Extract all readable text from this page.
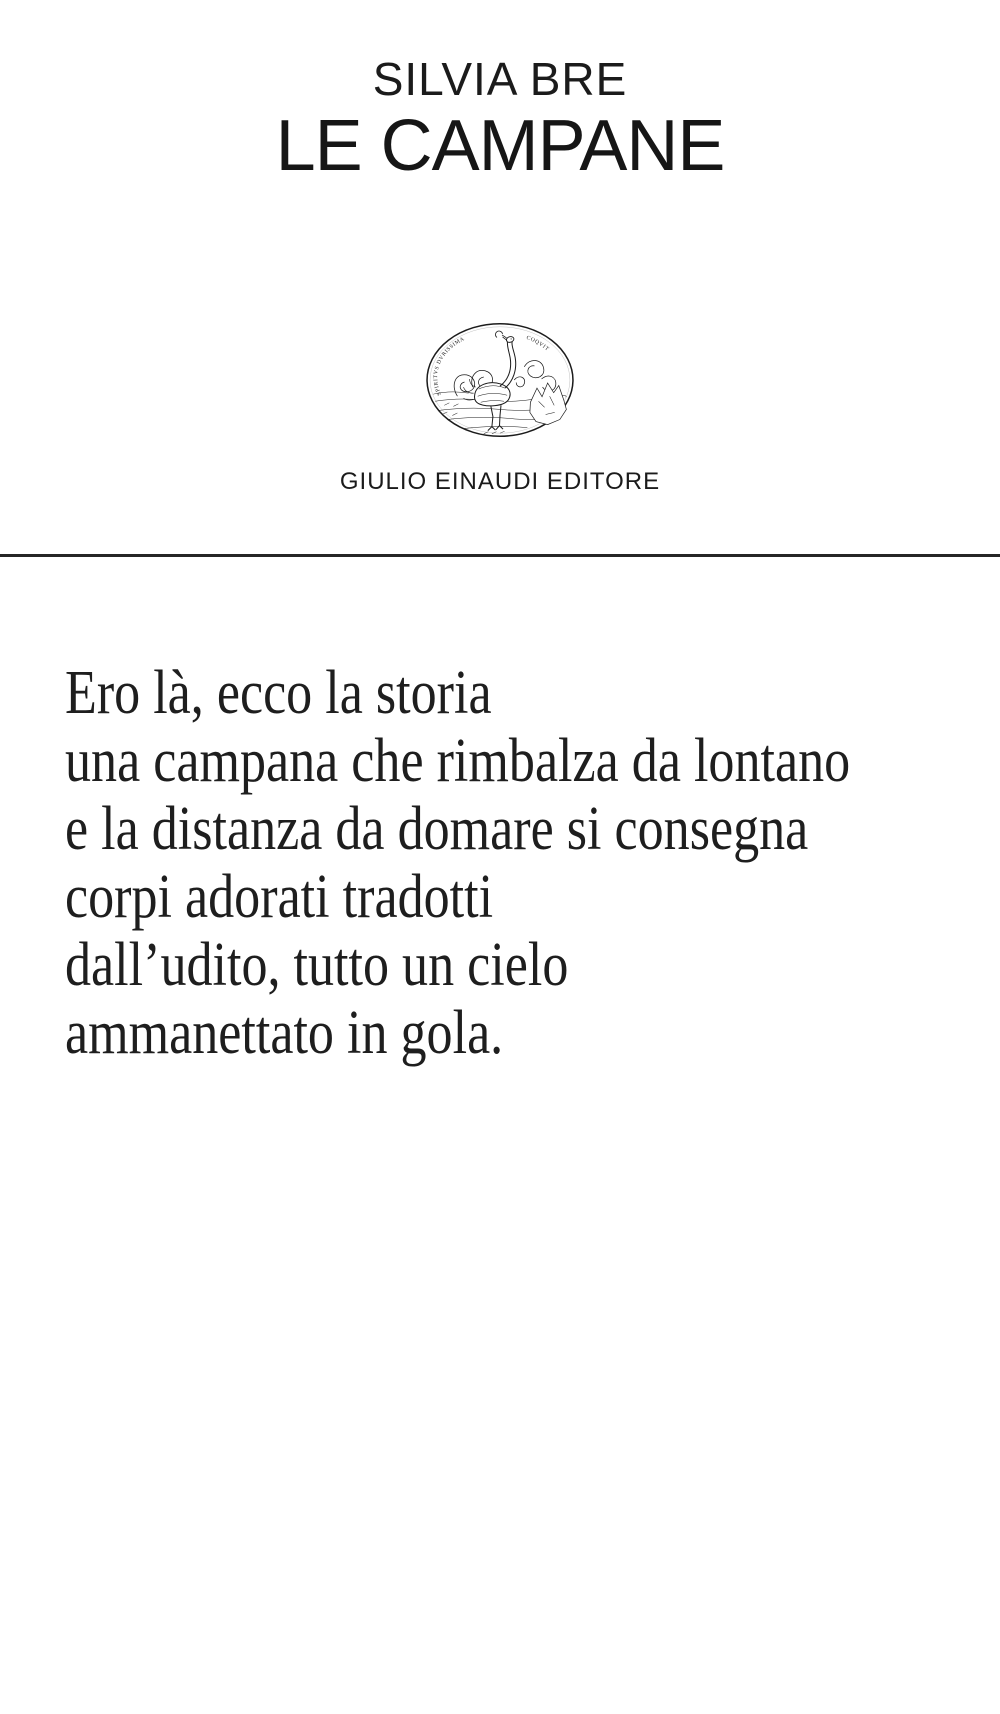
SILVIA BRE
LE CAMPANE
SPIRITVS DVRISSIMA	COQVIT
GIULIO EINAUDI EDITORE
Ero là, ecco la storia
una campana che rimbalza da lontano
e la distanza da domare si consegna
corpi adorati tradotti
dall’udito, tutto un cielo
ammanettato in gola.
